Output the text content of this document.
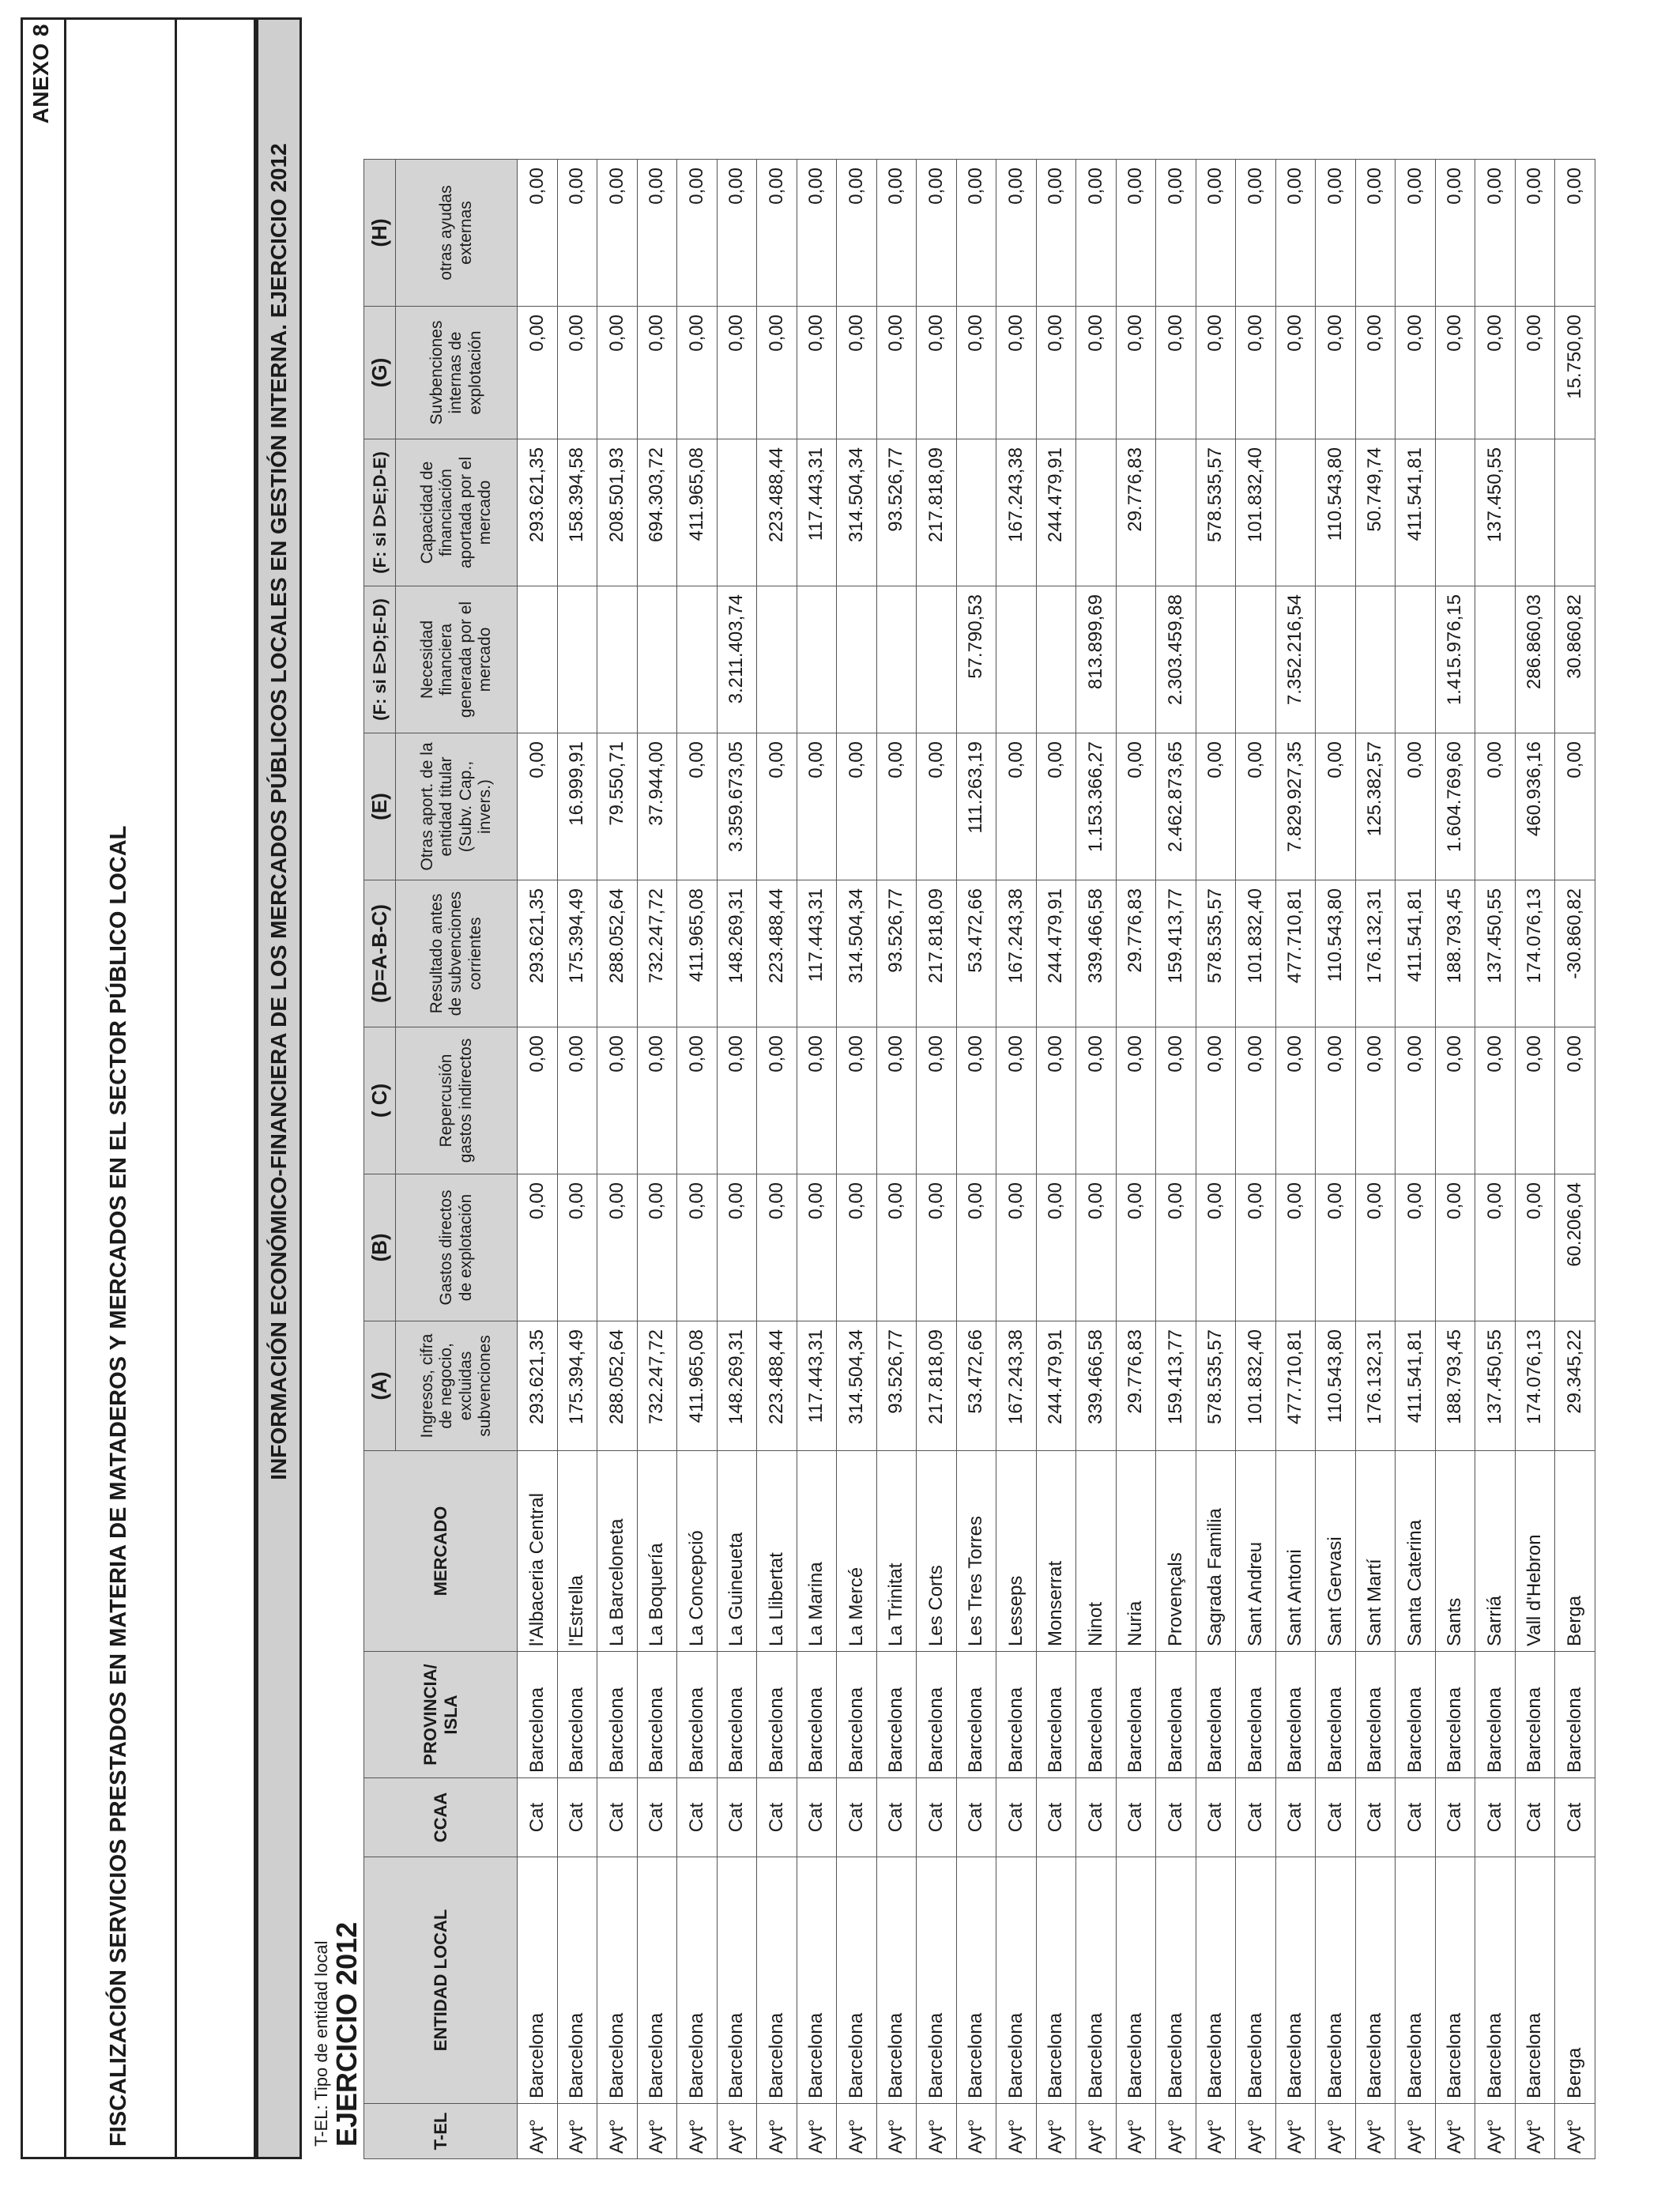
ANEXO 8
FISCALIZACIÓN SERVICIOS PRESTADOS EN MATERIA DE MATADEROS Y MERCADOS EN EL SECTOR PÚBLICO LOCAL
INFORMACIÓN ECONÓMICO-FINANCIERA DE LOS MERCADOS PÚBLICOS LOCALES EN GESTIÓN INTERNA. EJERCICIO 2012
T-EL: Tipo de entidad local EJERCICIO 2012	T-EL	ENTIDAD LOCAL	CCAA	PROVINCIA/ ISLA	MERCADO	(A)	(B)	( C)	(D=A-B-C)	(E)	(F: si E>D;E-D)	(F: si D>E;D-E)	(G)	(H)
					Ingresos, cifra de negocio, excluidas subvenciones	Gastos directos de explotación	Repercusión gastos indirectos	Resultado antes de subvenciones corrientes	Otras aport. de la entidad titular (Subv. Cap., invers.)	Necesidad financiera generada por el mercado	Capacidad de financiación aportada por el mercado	Suvbenciones internas de explotación	otras ayudas externas
Ayt°	Barcelona	Cat	Barcelona	l'Albaceria Central	293.621,35	0,00	0,00	293.621,35	0,00		293.621,35	0,00	0,00
Ayt°	Barcelona	Cat	Barcelona	l'Estrella	175.394,49	0,00	0,00	175.394,49	16.999,91		158.394,58	0,00	0,00
Ayt°	Barcelona	Cat	Barcelona	La Barceloneta	288.052,64	0,00	0,00	288.052,64	79.550,71		208.501,93	0,00	0,00
Ayt°	Barcelona	Cat	Barcelona	La Boquería	732.247,72	0,00	0,00	732.247,72	37.944,00		694.303,72	0,00	0,00
Ayt°	Barcelona	Cat	Barcelona	La Concepció	411.965,08	0,00	0,00	411.965,08	0,00		411.965,08	0,00	0,00
Ayt°	Barcelona	Cat	Barcelona	La Guineueta	148.269,31	0,00	0,00	148.269,31	3.359.673,05	3.211.403,74		0,00	0,00
Ayt°	Barcelona	Cat	Barcelona	La Llibertat	223.488,44	0,00	0,00	223.488,44	0,00		223.488,44	0,00	0,00
Ayt°	Barcelona	Cat	Barcelona	La Marina	117.443,31	0,00	0,00	117.443,31	0,00		117.443,31	0,00	0,00
Ayt°	Barcelona	Cat	Barcelona	La Mercé	314.504,34	0,00	0,00	314.504,34	0,00		314.504,34	0,00	0,00
Ayt°	Barcelona	Cat	Barcelona	La Trinitat	93.526,77	0,00	0,00	93.526,77	0,00		93.526,77	0,00	0,00
Ayt°	Barcelona	Cat	Barcelona	Les Corts	217.818,09	0,00	0,00	217.818,09	0,00		217.818,09	0,00	0,00
Ayt°	Barcelona	Cat	Barcelona	Les Tres Torres	53.472,66	0,00	0,00	53.472,66	111.263,19	57.790,53		0,00	0,00
Ayt°	Barcelona	Cat	Barcelona	Lesseps	167.243,38	0,00	0,00	167.243,38	0,00		167.243,38	0,00	0,00
Ayt°	Barcelona	Cat	Barcelona	Monserrat	244.479,91	0,00	0,00	244.479,91	0,00		244.479,91	0,00	0,00
Ayt°	Barcelona	Cat	Barcelona	Ninot	339.466,58	0,00	0,00	339.466,58	1.153.366,27	813.899,69		0,00	0,00
Ayt°	Barcelona	Cat	Barcelona	Nuria	29.776,83	0,00	0,00	29.776,83	0,00		29.776,83	0,00	0,00
Ayt°	Barcelona	Cat	Barcelona	Provençals	159.413,77	0,00	0,00	159.413,77	2.462.873,65	2.303.459,88		0,00	0,00
Ayt°	Barcelona	Cat	Barcelona	Sagrada Familia	578.535,57	0,00	0,00	578.535,57	0,00		578.535,57	0,00	0,00
Ayt°	Barcelona	Cat	Barcelona	Sant Andreu	101.832,40	0,00	0,00	101.832,40	0,00		101.832,40	0,00	0,00
Ayt°	Barcelona	Cat	Barcelona	Sant Antoni	477.710,81	0,00	0,00	477.710,81	7.829.927,35	7.352.216,54		0,00	0,00
Ayt°	Barcelona	Cat	Barcelona	Sant Gervasi	110.543,80	0,00	0,00	110.543,80	0,00		110.543,80	0,00	0,00
Ayt°	Barcelona	Cat	Barcelona	Sant Martí	176.132,31	0,00	0,00	176.132,31	125.382,57		50.749,74	0,00	0,00
Ayt°	Barcelona	Cat	Barcelona	Santa Caterina	411.541,81	0,00	0,00	411.541,81	0,00		411.541,81	0,00	0,00
Ayt°	Barcelona	Cat	Barcelona	Sants	188.793,45	0,00	0,00	188.793,45	1.604.769,60	1.415.976,15		0,00	0,00
Ayt°	Barcelona	Cat	Barcelona	Sarriá	137.450,55	0,00	0,00	137.450,55	0,00		137.450,55	0,00	0,00
Ayt°	Barcelona	Cat	Barcelona	Vall d'Hebron	174.076,13	0,00	0,00	174.076,13	460.936,16	286.860,03		0,00	0,00
Ayt°	Berga	Cat	Barcelona	Berga	29.345,22	60.206,04	0,00	-30.860,82	0,00	30.860,82		15.750,00	0,00
